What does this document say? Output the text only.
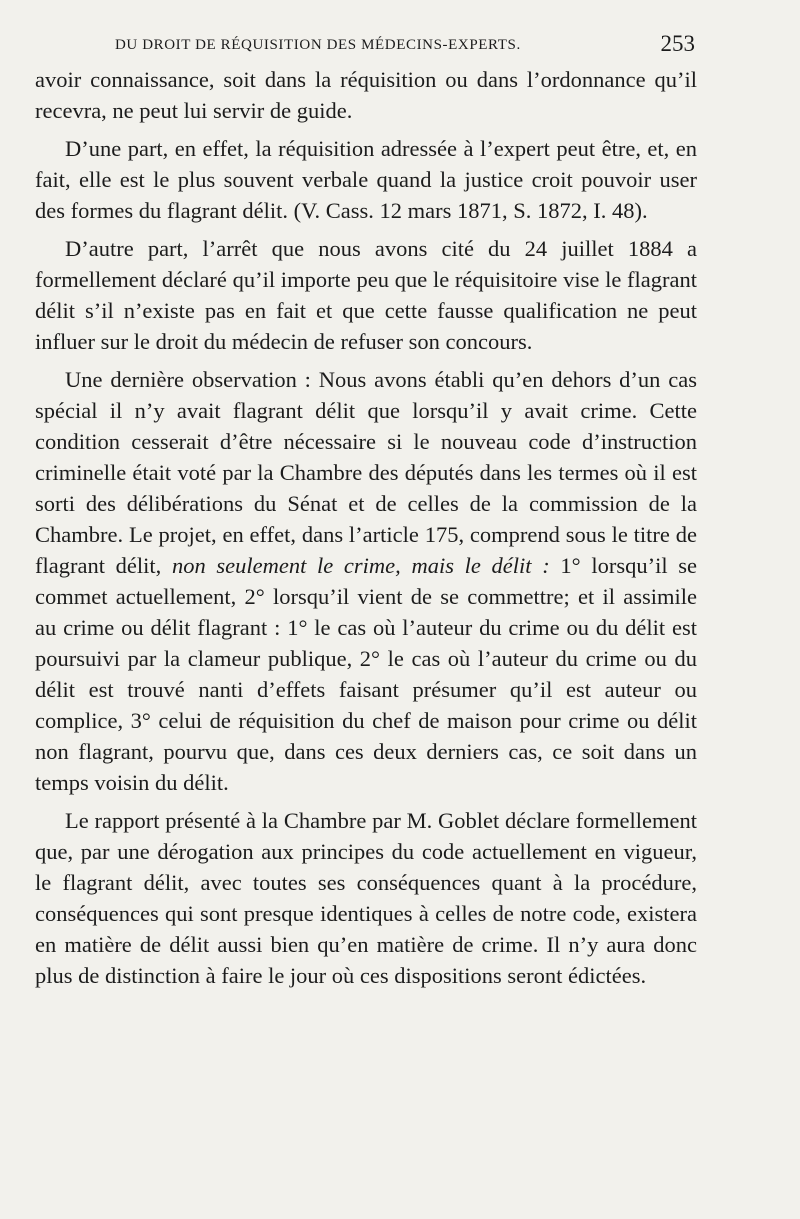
DU DROIT DE RÉQUISITION DES MÉDECINS-EXPERTS.	253

avoir connaissance, soit dans la réquisition ou dans l’ordonnance qu’il recevra, ne peut lui servir de guide.

D’une part, en effet, la réquisition adressée à l’expert peut être, et, en fait, elle est le plus souvent verbale quand la justice croit pouvoir user des formes du flagrant délit. (V. Cass. 12 mars 1871, S. 1872, I. 48).

D’autre part, l’arrêt que nous avons cité du 24 juillet 1884 a formellement déclaré qu’il importe peu que le réquisitoire vise le flagrant délit s’il n’existe pas en fait et que cette fausse qualification ne peut influer sur le droit du médecin de refuser son concours.

Une dernière observation : Nous avons établi qu’en dehors d’un cas spécial il n’y avait flagrant délit que lorsqu’il y avait crime. Cette condition cesserait d’être nécessaire si le nouveau code d’instruction criminelle était voté par la Chambre des députés dans les termes où il est sorti des délibérations du Sénat et de celles de la commission de la Chambre. Le projet, en effet, dans l’article 175, comprend sous le titre de flagrant délit, non seulement le crime, mais le délit : 1° lorsqu’il se commet actuellement, 2° lorsqu’il vient de se commettre; et il assimile au crime ou délit flagrant : 1° le cas où l’auteur du crime ou du délit est poursuivi par la clameur publique, 2° le cas où l’auteur du crime ou du délit est trouvé nanti d’effets faisant présumer qu’il est auteur ou complice, 3° celui de réquisition du chef de maison pour crime ou délit non flagrant, pourvu que, dans ces deux derniers cas, ce soit dans un temps voisin du délit.

Le rapport présenté à la Chambre par M. Goblet déclare formellement que, par une dérogation aux principes du code actuellement en vigueur, le flagrant délit, avec toutes ses conséquences quant à la procédure, conséquences qui sont presque identiques à celles de notre code, existera en matière de délit aussi bien qu’en matière de crime. Il n’y aura donc plus de distinction à faire le jour où ces dispositions seront édictées.
